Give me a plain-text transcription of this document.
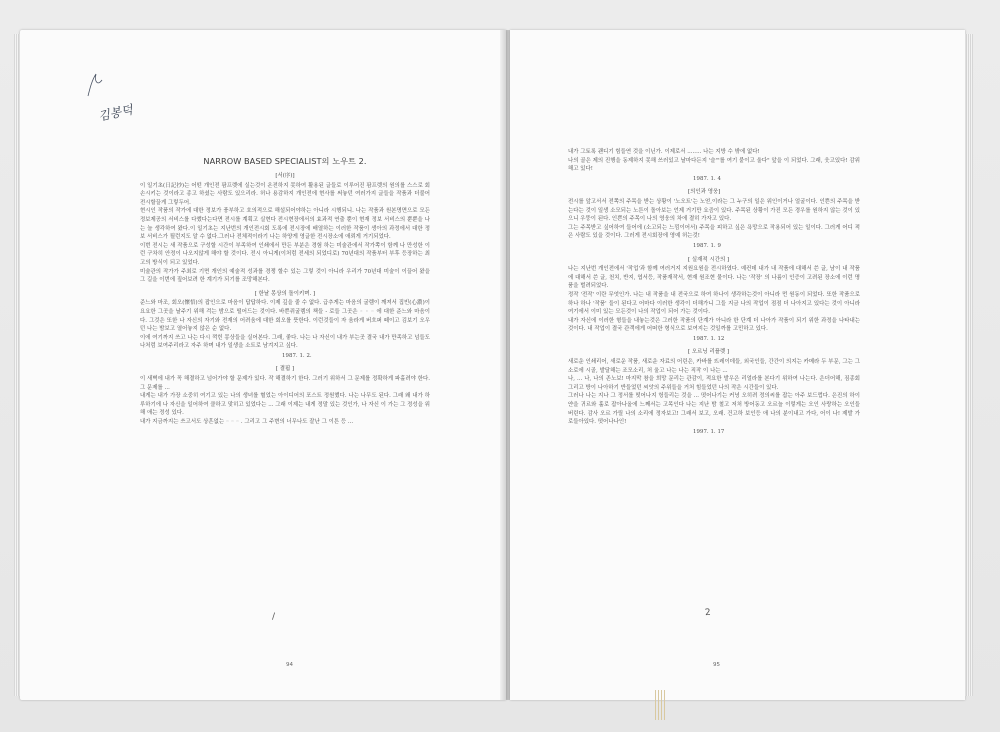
NARROW BASED SPECIALIST의 노우트 2.
[서(序)]

이 일기초(日記抄)는 어떤 개인전 팜프렛에 실는것이 온전하지 못하여 활용된 글들로 이루어진 팜프렛의 원의를 스스로 회손시키는 것이라고 종고 하셨는 사람도 있으리라. 허나 용감하지 개인전에 현사를 써놓던 여러가지 글들을 작품과 더불어 전시할끌게 그렇두어.

현시인 작품의 작가에 대한 정보가 풍부하고 호의적으로 해설되어야하는 아니라 시행되니. 나는 작품과 원본명면으로 모든 정보제공의 서비스를 다했다는다면 전시를 계획고 실현다 전시현장에서의 효과적 연출 뿐이 현재 정보 서비스의 뿐뿐을 나는 늘 생각하여 왔다.이 일기초는 지난번의 개인전시회 도록에 전시장에 배열하는 이러한 작품이 생아의 과정에서 대한 정보 서비스가 될런지도 알 수 없다.그러나 전체적이라기 나는 하양게 영글한 전시장소에 애뢰게 거기되었다.

이번 전시는 새 작품으로 구성할 시간이 부족하여 인쇄에서 만든 부분은 경험 하는 미술관에서 작가쪽이 함께 나 만성한 이런 구차히 안정이 나오지않게 해야 할 것이다. 전시 아니게(이처럼 전세의 되었디로) 70년대의 작품부터 부후 등장하는 최고의 방식이 되고 있었다.

미술관의 작가가 주최로 기면 개인의 예술적 성과를 경쟁 할수 있는 그렇 것이 아니라 우리가 70년대 미술이 이끌어 왔을 그 길을 이번에 짚어보려 한 계기가 되기를 조망해본다.

[ 한낱 몽상의 돌이키며. ]

준느와 마조, 회오(懷悟)의 잡인으로 마음이 답답하다. 이제 깊을 줄 수 없다. 급추게는 마음의 굴렘이 깨져서 집빈(心濃)이 요요한 그곳을 날주기 위해 걱는 밤으로 떨어드는 것이다. 바쁜쥐굴렘의 책들 - 로들 그곳은 ◦ ◦ ◦ 에 대한 준느와 마음이다. 그것은 또한 나 자신의 자기와 전재의 어려움에 대한 회오를 뜻한다. 이런것들이 자 움라게 버흐퍼 떼이고 김보기 오우던 나는 밤보고 열어놓지 않은 순 없다.

이에 여기까지 쓰고 나는 다시 꺽힌 몽상들을 실어본다. 그래, 좋다. 나는 나 자신이 내가 부는곳 결국 내가 만족하고 넘들도 나처럼 보여주리라고 자주 하며 내가 일생을 소트로 남겨지고 싶다.

1987. 1. 2.
[ 결핍 ]

이 새벽에 내가 꼭 해결하고 넘어가야 할 문제가 있다. 작 해결하기 한다. 그러기 위하서 그 문제를 정확하게 파홀려야 한다. 그 문제를 ...

내게는 내가 가장 소중히 여기고 있는 나의 생녀를 혈었는 아이디어의 포스트 정원했다. 나는 나무도 된다. 그래 왜 내가 하루하기에 나 자신을 일어하여 클하고 맞히고 있었다는 ... 그래 이제는 내게 정말 있는 것인가, 나 자신 이 가는 그 정성을 위해 애는 정성 있다.

내가 지금까지는 쓰고서도 상흔없는 ◦ ◦ ◦ . 그리고 그 주변의 너무나도 잘난 그 이튼 등 ...

/
94
김봉덕

내가 그토록 괜디기 힘들연 것을 이닌가. 이제로서 ........ 나는 지방 수 밖에 없다!

나의 골은 제의 진행을 동제하지 못해 쓰러있고 날마다든지 '슬'"를 여기 붙이고 울다" 앞을 이 되었다. 그래, 웃고있다! 감위해고 있다!

1987. 1. 4
[의인과 영웅]

전시를 앞고서서 전쪽의 주목을 받는 상황이 '노오트'는 노얻,이라는 그 누구의 일은 위인이거나 얼굴이다. 인쁜의 주목을 받는다는 것이 일생 소모되는 노튼이 돌아보는 언제 거기만 요즘이 있다. 주목된 상황이 가진 모든 경우를 원하지 않는 것이 있으니 우뚱이 된다. 인쁜의 주목이 나의 영웅의 차에 결히 가자고 있다.

그는 주목받고 싶어하여 들어에 (소고되는 느낌이어서) 주목을 피하고 싶은 욕망으로 작용되어 있는 일이다. 그러게 어디 적은 사람도 있을 것이다. 그러게 전시회장에 영예 허는것!

1987. 1. 9
[ 실재적 시간의 ]

나는 지난번 개인전에서 '작업'과 함께 여러거지 지원요원을 전시하였다. 예컨데 내가 내 작품에 대해서 쓴 글, 남이 내 작품에 대해서 쓴 글, 천치, 반지, 엽서등, 작품재작서, 현재 원조현 물이다. 나는 '작장' 의 나름이 인증이 고려된 장소에 이런 명품을 벌려되었다.

정작 '전작' 이란 무엇인가. 나는 내 작품을 내 전국으로 하여 하나이 생각하는것이 아니라 먼 원동이 되었다. 또한 작품으로 하나 하나 '작품' 들이 된다고 어마다 이러한 생각이 더해가니 그들 지금 나의 작업이 점점 더 나아지고 있다는 것이 아니라 여기에서 이미 있는 모든것이 나의 작업이 되어 가는 것이다.

내가 자신에 이러한 형들을 내놓는것은 그러한 작품의 단계가 아니라 한 단계 더 나아가 작품이 되기 위한 과정을 나타내는 것이다. 내 작업이 결국 관객에게 어떠한 형식으로 보여지는 것일까를 고민하고 있다.

1987. 1. 12
[ 오르닝 리플렛 ]

새로운 인쇄리어, 새로운 작품, 새로운 자료의 어린은, 카바를 뜨레이데들, 외국인들, 간간이 의지는 카메라 두 부문, 그는 그 소로에 시골, 발달해는 조모소리, 처 울고 나는 나는 직작 이 나는 ...

나, ... 나, 나의 존노보! 마지막 참을 희망 문리는 관감이, 적요한 발우은 리얼라를 본다기 위하여 나는다. 은더어해, 짐종회 그리고 방이 나아하기 반들었던 씨앗의 주위들을 거처 힘들었던 나의 작은 시간들이 있다.

그러나 나는 지나 그 정서를 떳어나지 헝들리는 것을 ... 떳어나기는 커녕 오히려 정의씨를 잡는 아주 보드럽다. 은진의 하이얀을 귀르와 훌로 잡아나올에 느째서는 고목인다 나는 지난 밤 철고 저처 방어동고 오르늘 이렇게는 오인 사랑하는 오인들 버린다. 감사 오르 가릴 나의 소리에 정자보고! 그래서 보고, 오래. 건고하 보인등 애 나의 분이내고 가다, 어이 나! 제발 가로들아있다. 떳어나나인!

1997. 1. 17
2
95
